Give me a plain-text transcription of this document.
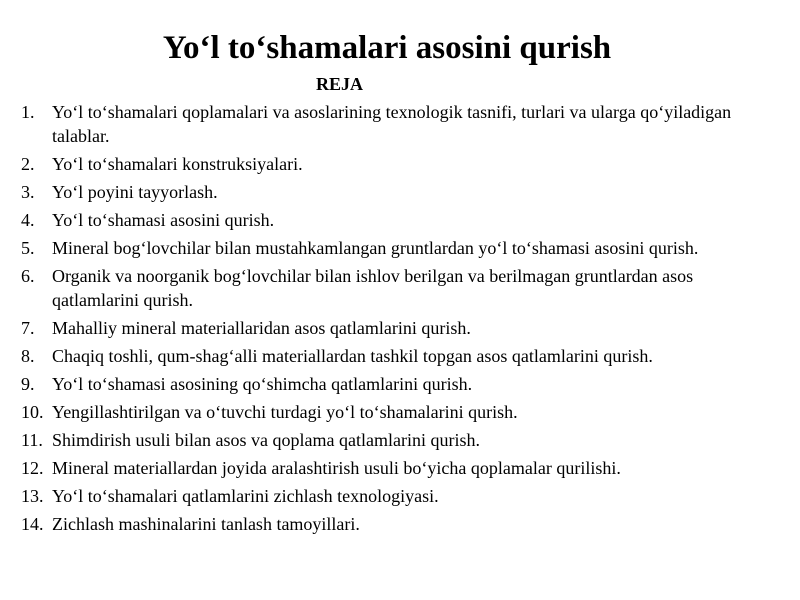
Yo‘l to‘shamalari asosini qurish
REJA
1. Yo‘l to‘shamalari qoplamalari va asoslarining texnologik tasnifi, turlari va ularga qo‘yiladigan talablar.
2. Yo‘l to‘shamalari konstruksiyalari.
3. Yo‘l poyini tayyorlash.
4. Yo‘l to‘shamasi asosini qurish.
5. Mineral bog‘lovchilar bilan mustahkamlangan gruntlardan yo‘l to‘shamasi asosini qurish.
6. Organik va noorganik bog‘lovchilar bilan ishlov berilgan va berilmagan gruntlardan asos qatlamlarini qurish.
7. Mahalliy mineral materiallaridan asos qatlamlarini qurish.
8. Chaqiq toshli, qum-shag‘alli materiallardan tashkil topgan asos qatlamlarini qurish.
9. Yo‘l to‘shamasi asosining qo‘shimcha qatlamlarini qurish.
10. Yengillashtirilgan va o‘tuvchi turdagi yo‘l to‘shamalarini qurish.
11. Shimdirish usuli bilan asos va qoplama qatlamlarini qurish.
12. Mineral materiallardan joyida aralashtirish usuli bo‘yicha qoplamalar qurilishi.
13. Yo‘l to‘shamalari qatlamlarini zichlash texnologiyasi.
14. Zichlash mashinalarini tanlash tamoyillari.
